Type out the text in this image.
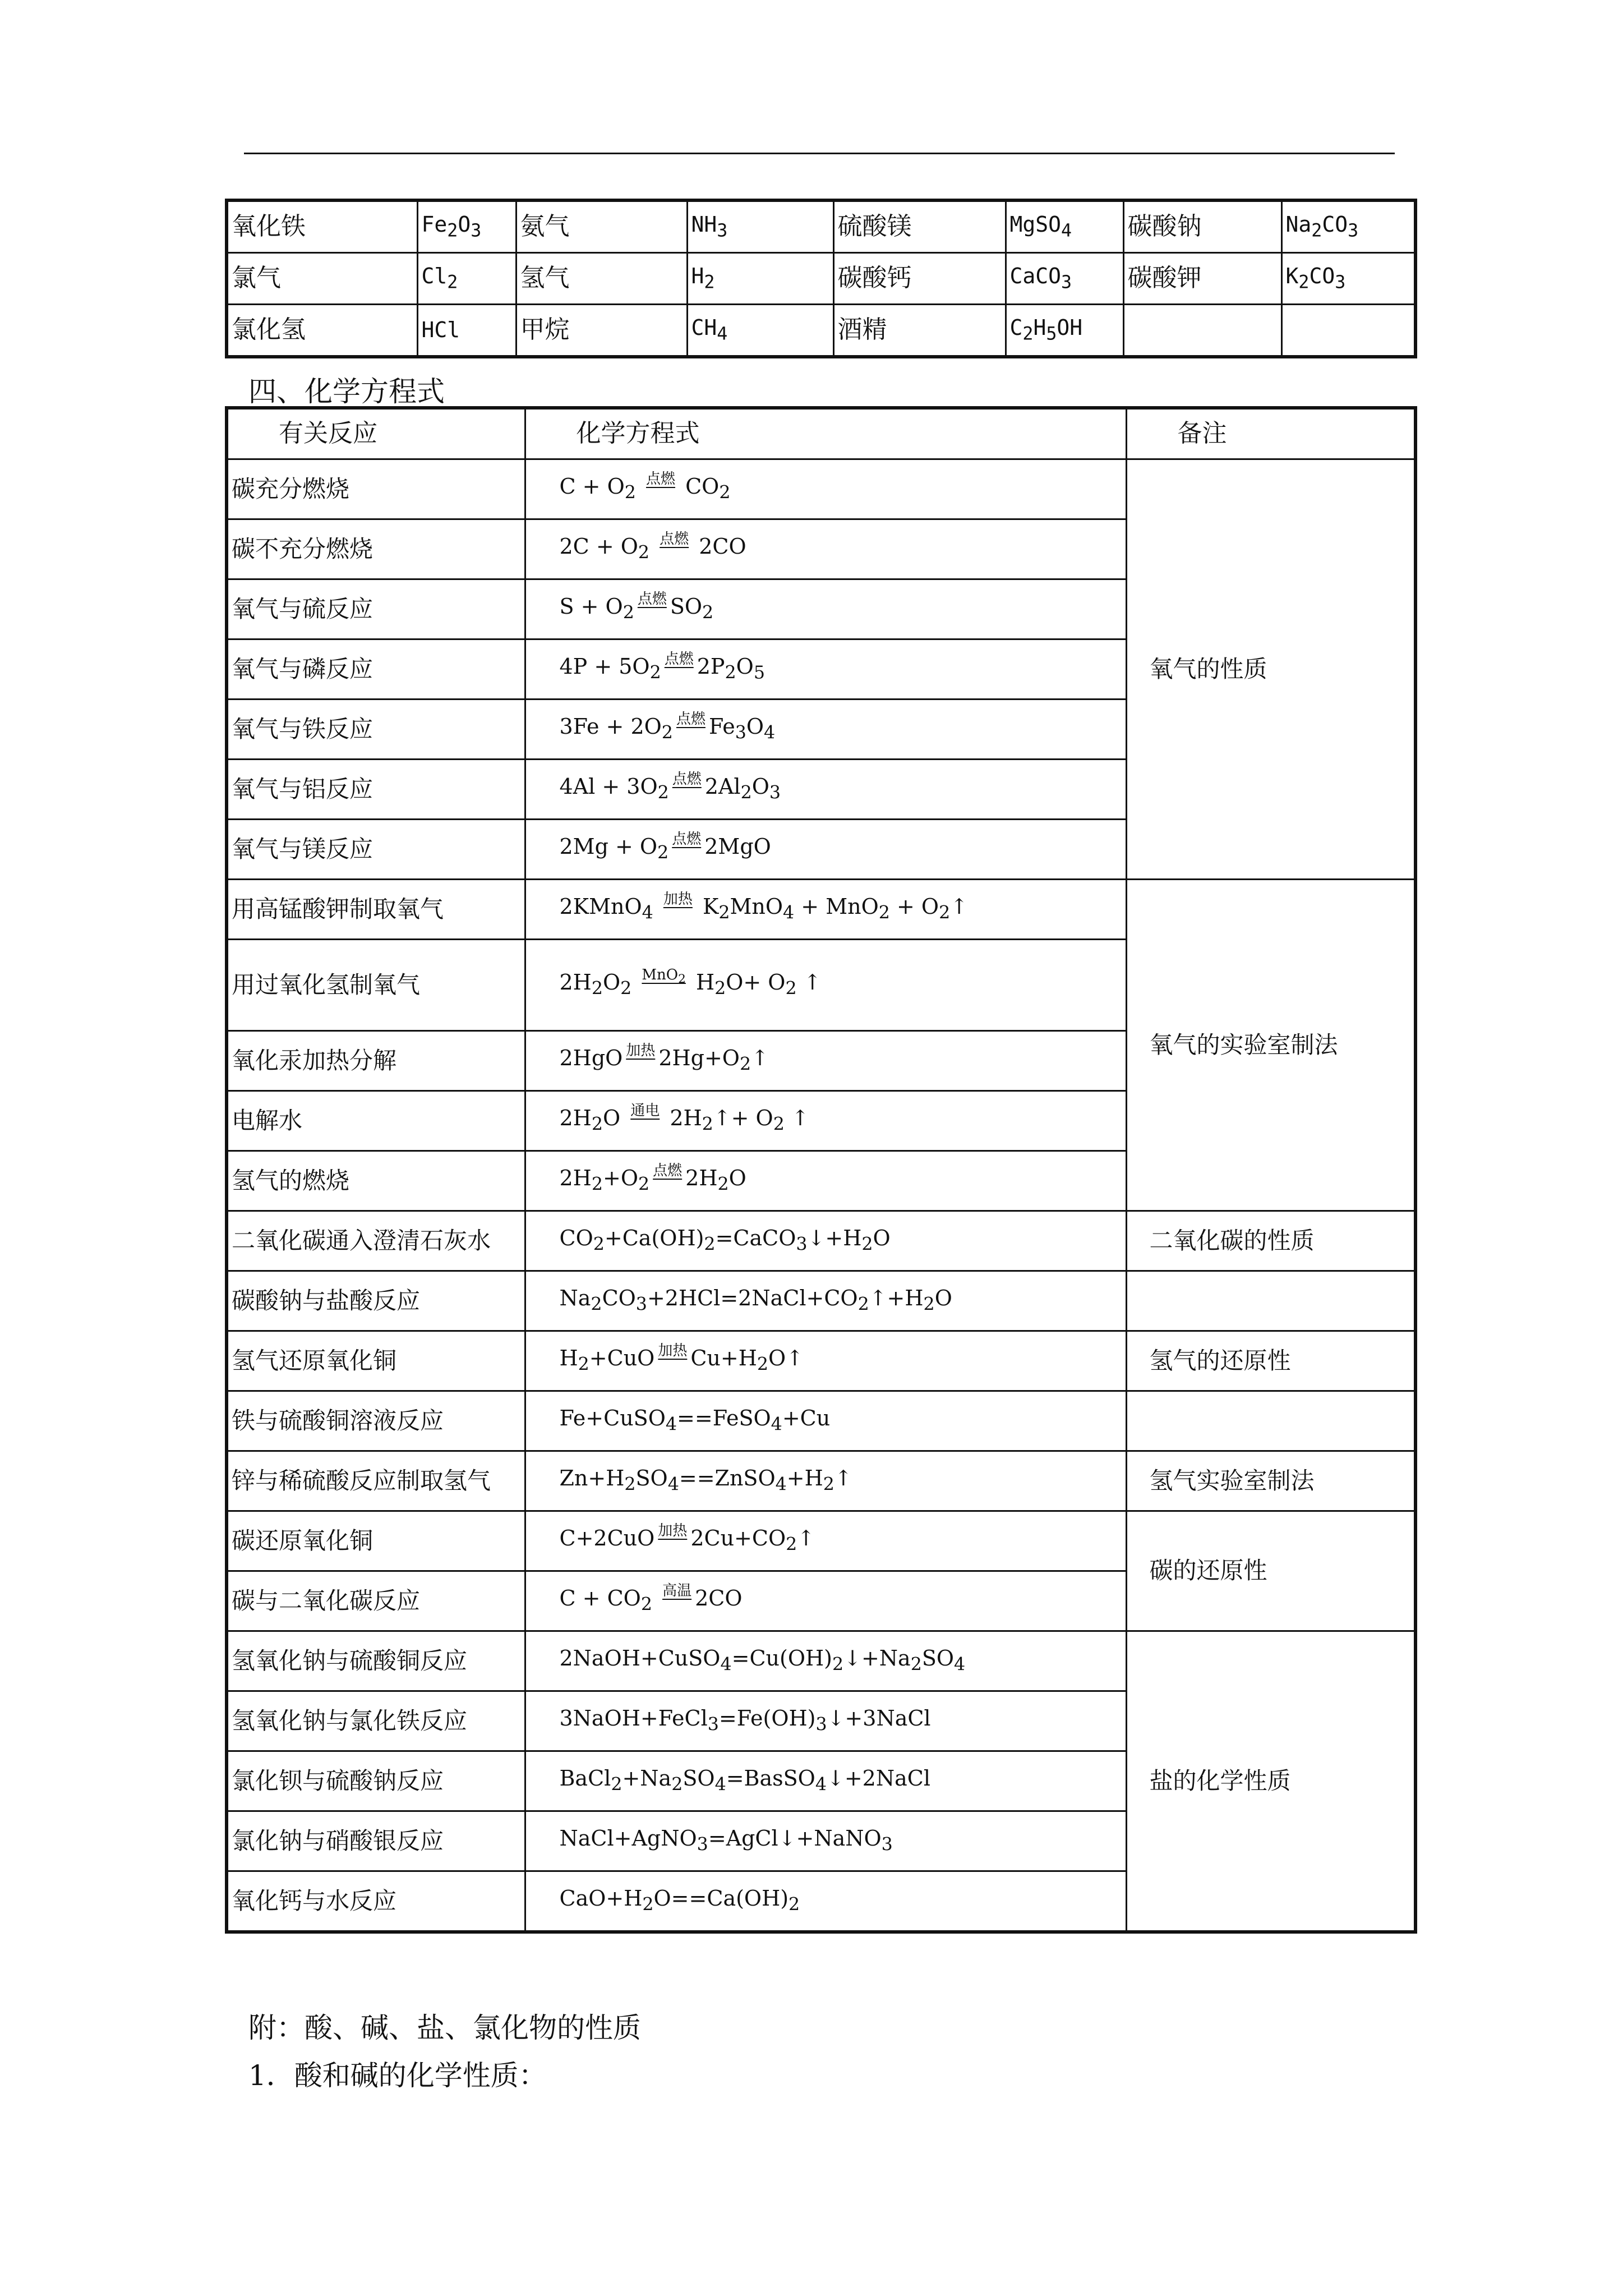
氧化铁	$Fe_2O_3$	氨气	$NH_3$	硫酸镁	MgSO$_4$	碳酸钠	$Na_2CO_3$
氯气	$Cl_2$	氢气	$H_2$	碳酸钙	CaCO$_3$	碳酸钾	$K_2CO_3$
氯化氢	HCl	甲烷	$CH_4$	酒精	$C_2H_5OH$		
四、化学方程式
有关反应	化学方程式	备注
碳充分燃烧	$C + O_2$ 点燃 $CO_2$	氧气的性质
碳不充分燃烧	$2C + O_2$ 点燃 2CO	
氧气与硫反应	$S + O_2$点燃 $SO_2$
氧气与磷反应	$4P + 5O_2$点燃 $2P_2O_5$
氧气与铁反应	$3Fe + 2O_2$点燃 $Fe_3O_4$
氧气与铝反应	$4Al + 3O_2$点燃 $2Al_2O_3$
氧气与镁反应	$2Mg + O_2$点燃 2MgO	
用高锰酸钾制取氧气	2KMnO$_4$ 加热 $K_2MnO_4 + MnO_2$ + $O_2↑$	氧气的实验室制法
用过氧化氢制氧气	$2H_2O_2$ MnO$_2$ $H_2O+ O_2$ ↑	
氧化汞加热分解	2HgO 加热 $2Hg+O_2↑$	
电解水	$2H_2O$ 通电 $2H_2↑+ O_2$ ↑	
氢气的燃烧	$2H_2+O_2$点燃 $2H_2O$	
二氧化碳通入澄清石灰水	$CO_2+Ca(OH)_2=CaCO_3↓+H_2O$	二氧化碳的性质
碳酸钠与盐酸反应	$Na_2CO_3+2HCl=2NaCl+CO_2↑+H_2O$	
氢气还原氧化铜	$H_2+CuO$ 加热 $Cu+H_2O↑$	氢气的还原性
铁与硫酸铜溶液反应	Fe+CuSO$_4$==FeSO$_4$+Cu	
锌与稀硫酸反应制取氢气	$Zn+H_2SO_4==ZnSO_4+H_2↑$	氢气实验室制法
碳还原氧化铜	C+2CuO 加热 $2Cu+CO_2↑$	碳的还原性
碳与二氧化碳反应	$C + CO_2$ 高温 2CO	
氢氧化钠与硫酸铜反应	$2NaOH+CuSO_4=Cu(OH)_2↓+Na_2SO_4$	盐的化学性质
氢氧化钠与氯化铁反应	$3NaOH+FeCl_3=Fe(OH)_3↓+3NaCl$	
氯化钡与硫酸钠反应	$BaCl_2+Na_2SO_4=BasSO_4↓+2NaCl$	
氯化钠与硝酸银反应	NaCl+AgNO$_3$=AgCl↓+NaNO$_3$
氧化钙与水反应	$CaO+H_2O==Ca(OH)_2$
附：酸、碱、盐、氯化物的性质
1．酸和碱的化学性质：
